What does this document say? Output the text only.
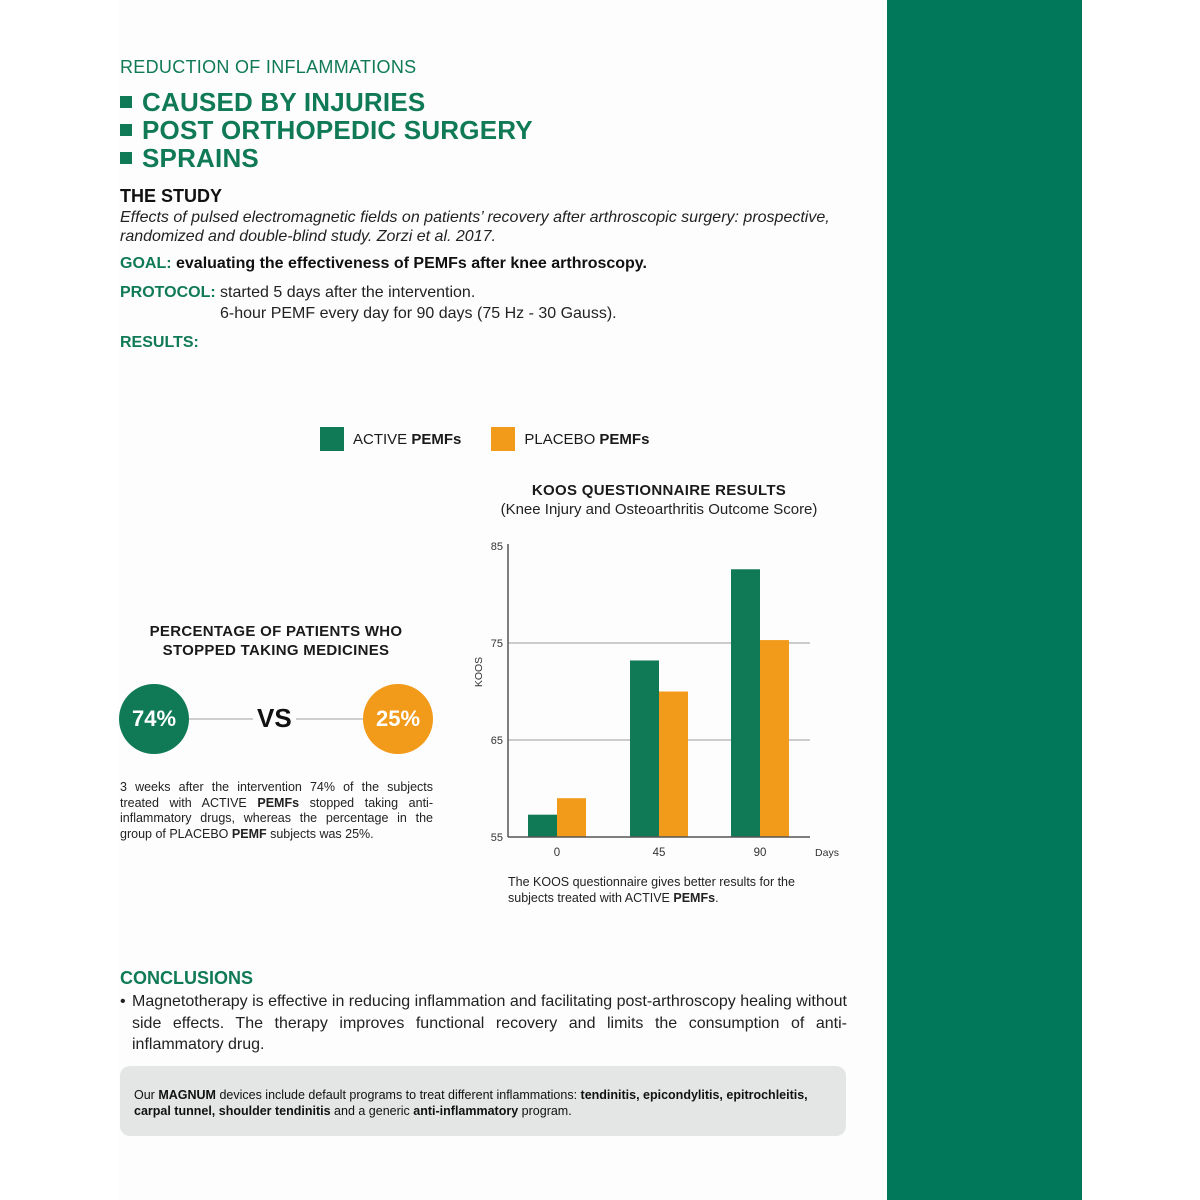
REDUCTION OF INFLAMMATIONS
CAUSED BY INJURIES
POST ORTHOPEDIC SURGERY
SPRAINS
THE STUDY
Effects of pulsed electromagnetic fields on patients’ recovery after arthroscopic surgery: prospective, randomized and double-blind study. Zorzi et al. 2017.
GOAL: evaluating the effectiveness of PEMFs after knee arthroscopy.
PROTOCOL: started 5 days after the intervention.
6-hour PEMF every day for 90 days (75 Hz - 30 Gauss).
RESULTS:
ACTIVE
PEMFs	PLACEBO
PEMFs
PERCENTAGE OF PATIENTS WHO
STOPPED TAKING MEDICINES
74%	VS	25%
3 weeks after the intervention 74% of the subjects treated with ACTIVE PEMFs stopped taking anti-inflammatory drugs, whereas the percentage in the group of PLACEBO PEMF subjects was 25%.
KOOS QUESTIONNAIRE RESULTS
(Knee Injury and Osteoarthritis Outcome Score)
55
65
75
85
0	45	90	Days
KOOS
The KOOS questionnaire gives better results for the subjects treated with ACTIVE PEMFs.
CONCLUSIONS
• Magnetotherapy is effective in reducing inflammation and facilitating post-arthroscopy healing without side effects. The therapy improves functional recovery and limits the consumption of anti-inflammatory drug.
Our MAGNUM devices include default programs to treat different inflammations: tendinitis, epicondylitis, epitrochleitis, carpal tunnel, shoulder tendinitis and a generic anti-inflammatory program.
